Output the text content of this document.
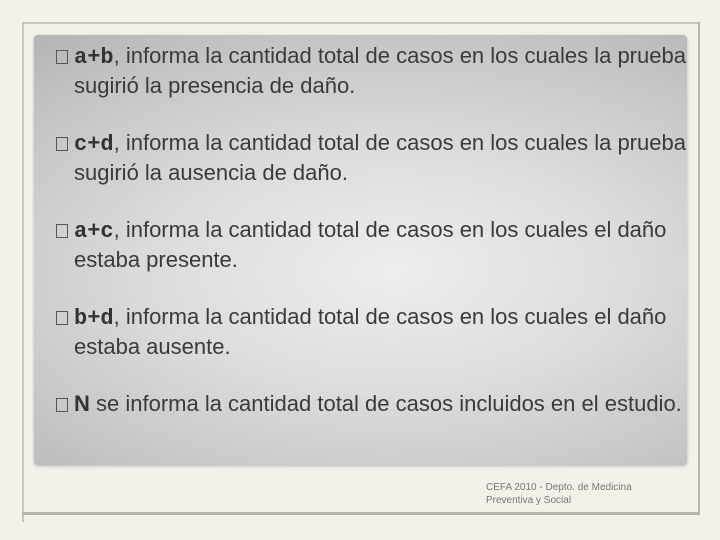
a+b, informa la cantidad total de casos en los cuales la prueba sugirió la presencia de daño.
c+d, informa la cantidad total de casos en los cuales la prueba sugirió la ausencia de daño.
a+c, informa la cantidad total de casos en los cuales el daño estaba presente.
b+d, informa la cantidad total de casos en los cuales el daño estaba ausente.
N se informa la cantidad total de casos incluidos en el estudio.
CEFA 2010 - Depto. de Medicina
Preventiva y Social
